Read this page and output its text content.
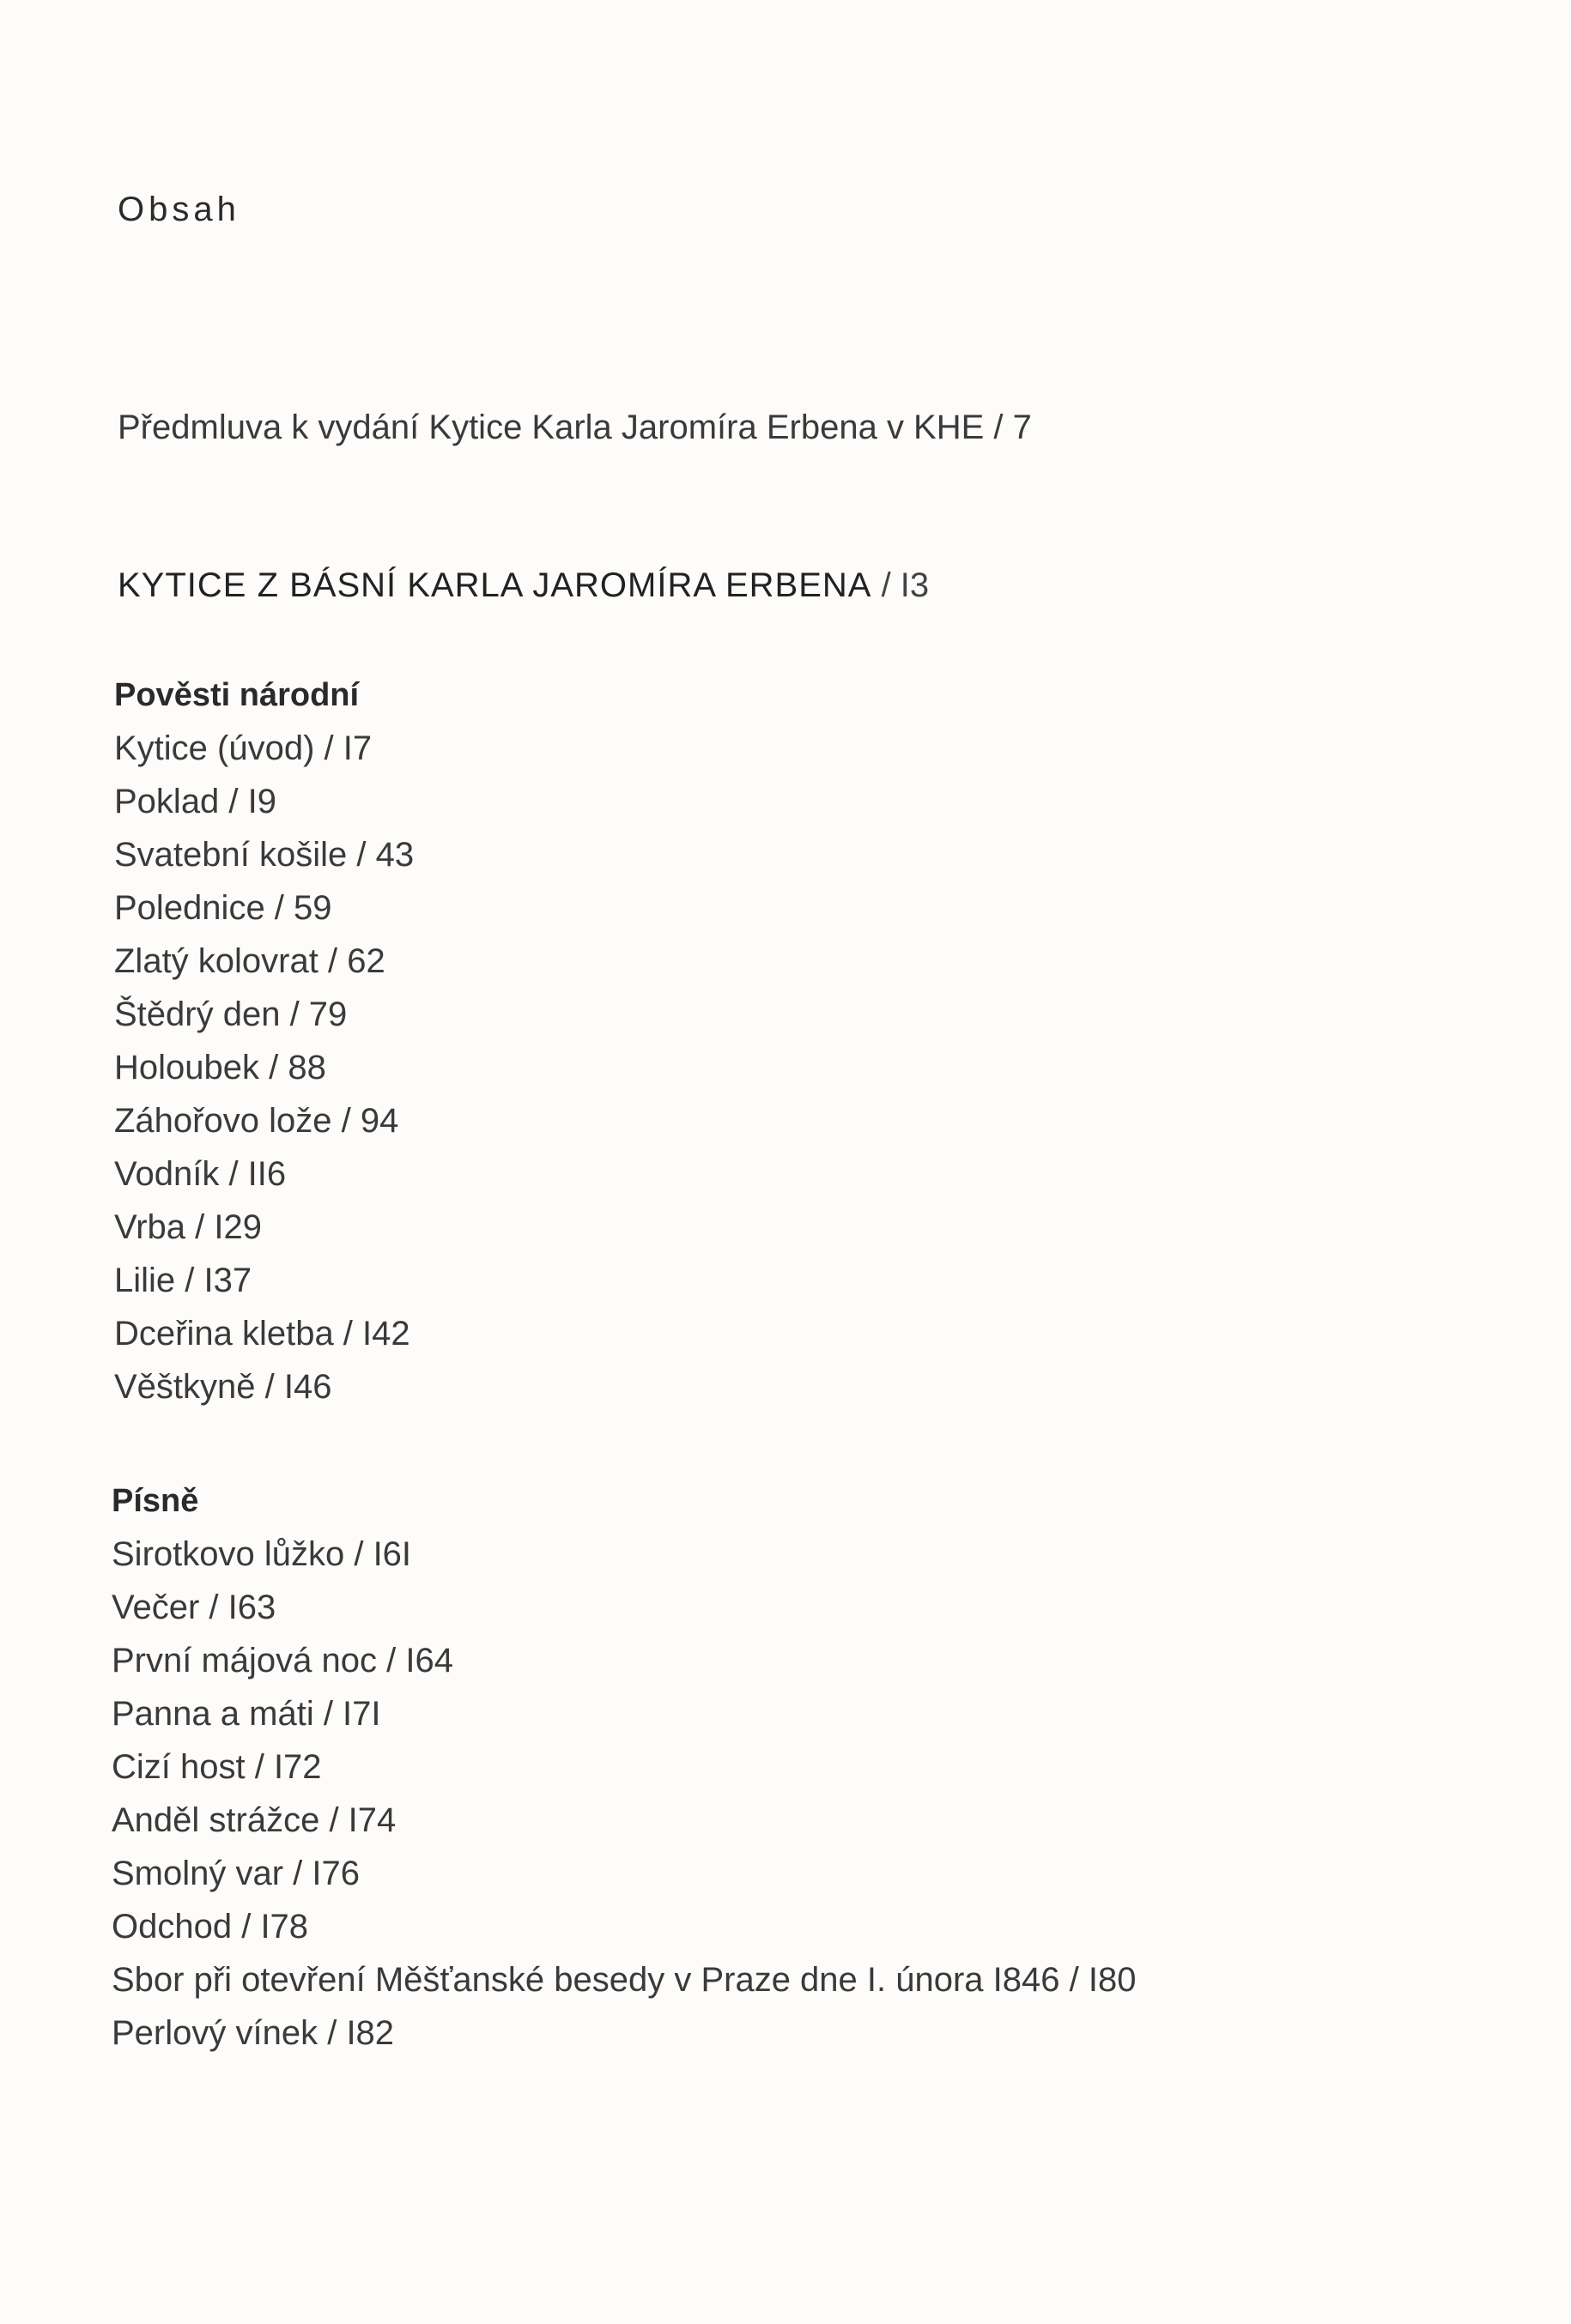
Obsah
Předmluva k vydání Kytice Karla Jaromíra Erbena v KHE / 7
KYTICE Z BÁSNÍ KARLA JAROMÍRA ERBENA / I3
Pověsti národní
Kytice (úvod) / I7
Poklad / I9
Svatební košile / 43
Polednice / 59
Zlatý kolovrat / 62
Štědrý den / 79
Holoubek / 88
Záhořovo lože / 94
Vodník / II6
Vrba / I29
Lilie / I37
Dceřina kletba / I42
Věštkyně / I46
Písně
Sirotkovo lůžko / I6I
Večer / I63
První májová noc / I64
Panna a máti / I7I
Cizí host / I72
Anděl strážce / I74
Smolný var / I76
Odchod / I78
Sbor při otevření Měšťanské besedy v Praze dne I. února I846 / I80
Perlový vínek / I82
